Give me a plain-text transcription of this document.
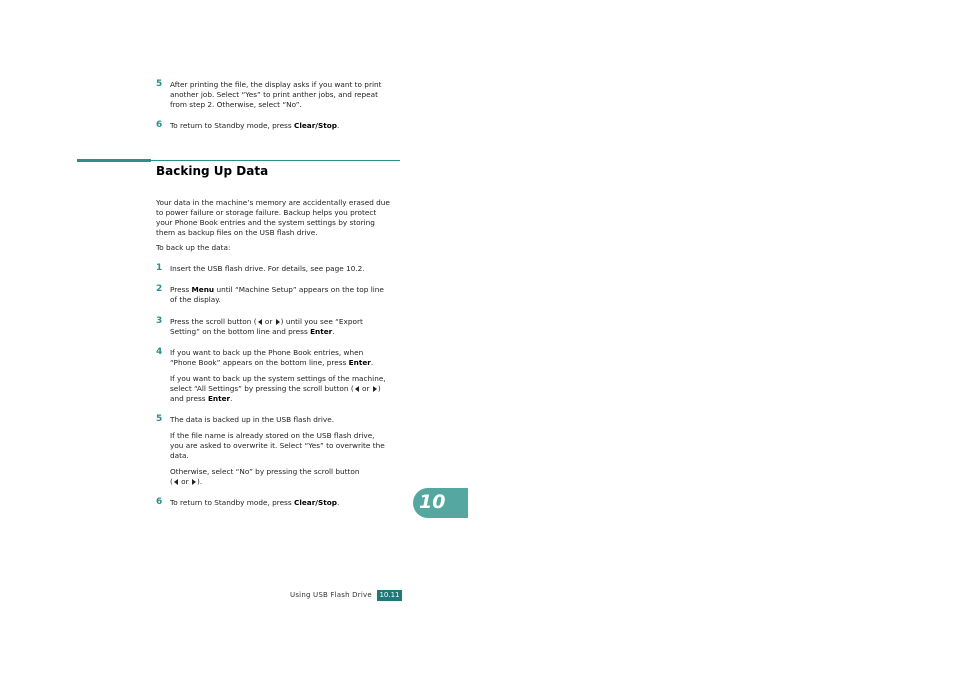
5 After printing the file, the display asks if you want to print
another job. Select “Yes” to print anther jobs, and repeat
from step 2. Otherwise, select “No”.
6 To return to Standby mode, press Clear/Stop.
Backing Up Data
Your data in the machine’s memory are accidentally erased due
to power failure or storage failure. Backup helps you protect
your Phone Book entries and the system settings by storing
them as backup files on the USB flash drive.
To back up the data:
1 Insert the USB flash drive. For details, see page 10.2.
2 Press Menu until “Machine Setup” appears on the top line
of the display.
3 Press the scroll button ( or ) until you see “Export
Setting” on the bottom line and press Enter.
4 If you want to back up the Phone Book entries, when
“Phone Book” appears on the bottom line, press Enter.
If you want to back up the system settings of the machine,
select “All Settings” by pressing the scroll button ( or )
and press Enter.
5 The data is backed up in the USB flash drive.
If the file name is already stored on the USB flash drive,
you are asked to overwrite it. Select “Yes” to overwrite the
data.
Otherwise, select “No” by pressing the scroll button
( or ).
6 To return to Standby mode, press Clear/Stop.	10
Using USB Flash Drive	10.11
